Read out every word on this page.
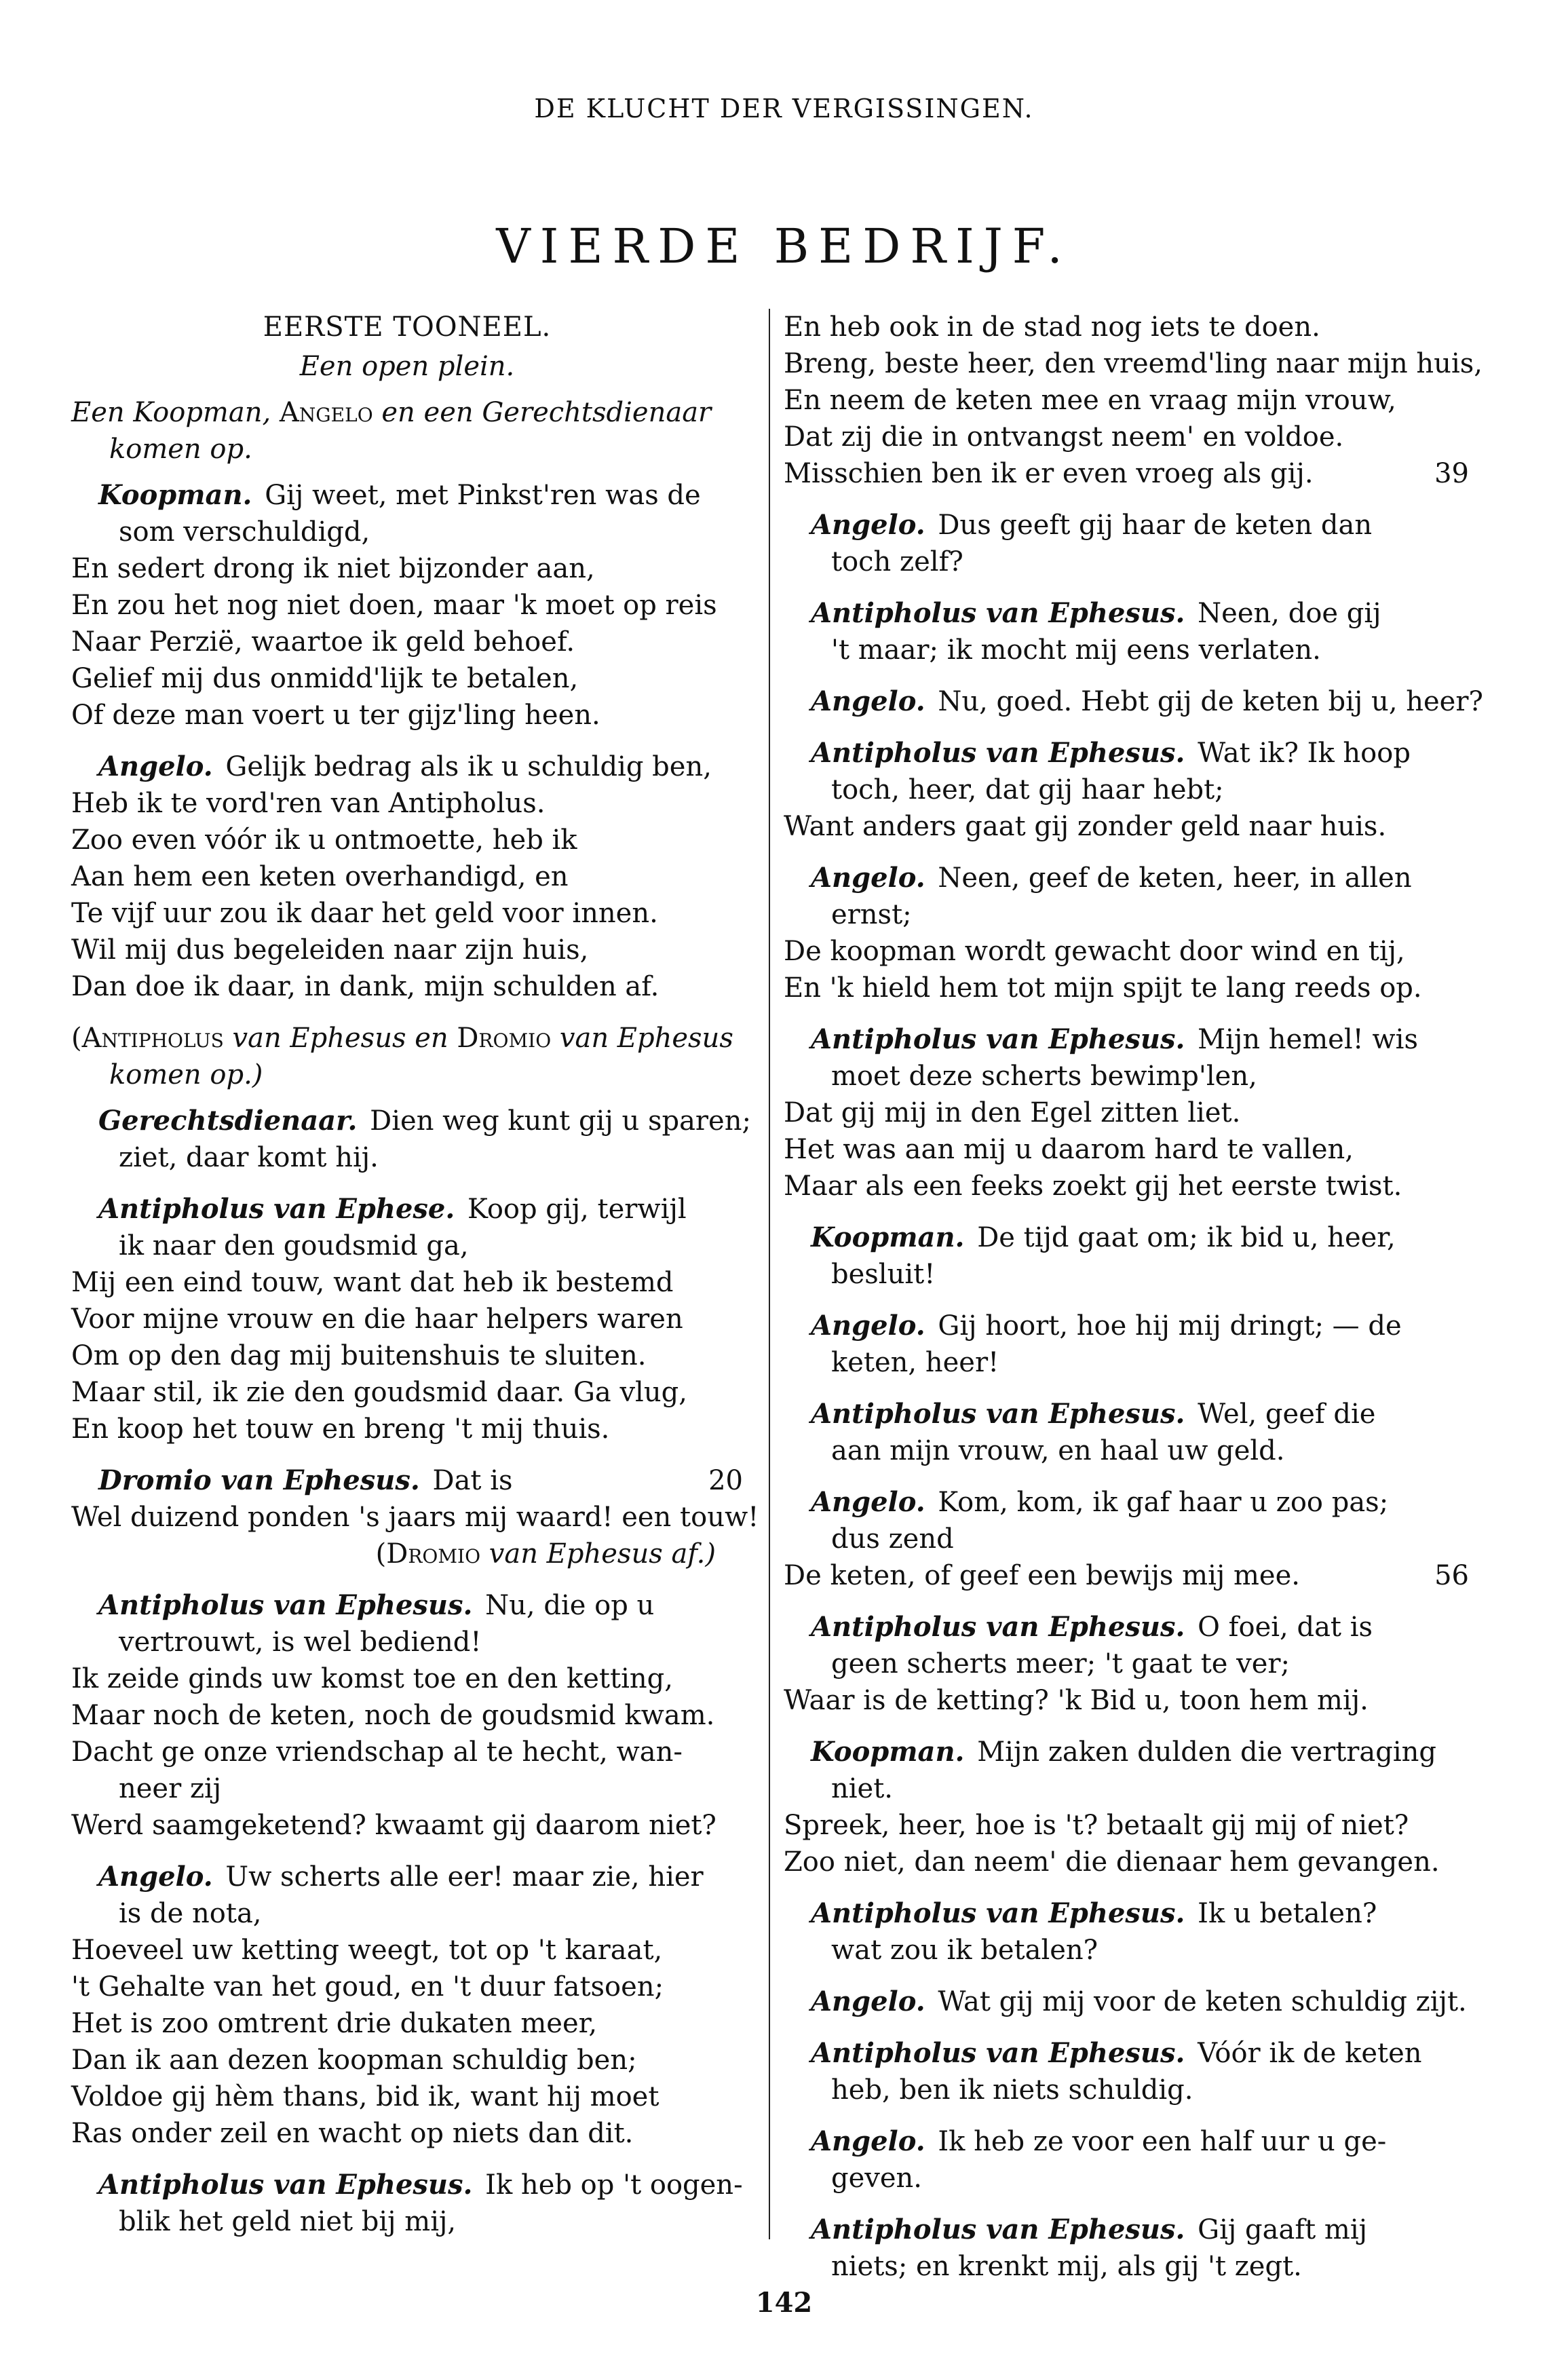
DE KLUCHT DER VERGISSINGEN.
VIERDE BEDRIJF.

EERSTE TOONEEL.

Een open plein.

Een Koopman, Angelo en een Gerechtsdienaar komen op.

Koopman. Gij weet, met Pinkst'ren was de
som verschuldigd,
En sedert drong ik niet bijzonder aan,
En zou het nog niet doen, maar 'k moet op reis
Naar Perzië, waartoe ik geld behoef.
Gelief mij dus onmidd'lijk te betalen,
Of deze man voert u ter gijz'ling heen.
Angelo. Gelijk bedrag als ik u schuldig ben,
Heb ik te vord'ren van Antipholus.
Zoo even vóór ik u ontmoette, heb ik
Aan hem een keten overhandigd, en
Te vijf uur zou ik daar het geld voor innen.
Wil mij dus begeleiden naar zijn huis,
Dan doe ik daar, in dank, mijn schulden af.

(Antipholus van Ephesus en Dromio van Ephesus komen op.)

Gerechtsdienaar. Dien weg kunt gij u sparen;
ziet, daar komt hij.
Antipholus van Ephese. Koop gij, terwijl
ik naar den goudsmid ga,
Mij een eind touw, want dat heb ik bestemd
Voor mijne vrouw en die haar helpers waren
Om op den dag mij buitenshuis te sluiten.
Maar stil, ik zie den goudsmid daar. Ga vlug,
En koop het touw en breng 't mij thuis.
Dromio van Ephesus. Dat is	20
Wel duizend ponden 's jaars mij waard! een touw!
(Dromio van Ephesus af.)
Antipholus van Ephesus. Nu, die op u
vertrouwt, is wel bediend!
Ik zeide ginds uw komst toe en den ketting,
Maar noch de keten, noch de goudsmid kwam.
Dacht ge onze vriendschap al te hecht, wan-
neer zij
Werd saamgeketend? kwaamt gij daarom niet?
Angelo. Uw scherts alle eer! maar zie, hier
is de nota,
Hoeveel uw ketting weegt, tot op 't karaat,
't Gehalte van het goud, en 't duur fatsoen;
Het is zoo omtrent drie dukaten meer,
Dan ik aan dezen koopman schuldig ben;
Voldoe gij hèm thans, bid ik, want hij moet
Ras onder zeil en wacht op niets dan dit.
Antipholus van Ephesus. Ik heb op 't oogen-
blik het geld niet bij mij,
En heb ook in de stad nog iets te doen.
Breng, beste heer, den vreemd'ling naar mijn huis,
En neem de keten mee en vraag mijn vrouw,
Dat zij die in ontvangst neem' en voldoe.
Misschien ben ik er even vroeg als gij.	39
Angelo. Dus geeft gij haar de keten dan
toch zelf?
Antipholus van Ephesus. Neen, doe gij
't maar; ik mocht mij eens verlaten.
Angelo. Nu, goed. Hebt gij de keten bij u, heer?
Antipholus van Ephesus. Wat ik? Ik hoop
toch, heer, dat gij haar hebt;
Want anders gaat gij zonder geld naar huis.
Angelo. Neen, geef de keten, heer, in allen
ernst;
De koopman wordt gewacht door wind en tij,
En 'k hield hem tot mijn spijt te lang reeds op.
Antipholus van Ephesus. Mijn hemel! wis
moet deze scherts bewimp'len,
Dat gij mij in den Egel zitten liet.
Het was aan mij u daarom hard te vallen,
Maar als een feeks zoekt gij het eerste twist.
Koopman. De tijd gaat om; ik bid u, heer,
besluit!
Angelo. Gij hoort, hoe hij mij dringt; — de
keten, heer!
Antipholus van Ephesus. Wel, geef die
aan mijn vrouw, en haal uw geld.
Angelo. Kom, kom, ik gaf haar u zoo pas;
dus zend
De keten, of geef een bewijs mij mee.	56
Antipholus van Ephesus. O foei, dat is
geen scherts meer; 't gaat te ver;
Waar is de ketting? 'k Bid u, toon hem mij.
Koopman. Mijn zaken dulden die vertraging
niet.
Spreek, heer, hoe is 't? betaalt gij mij of niet?
Zoo niet, dan neem' die dienaar hem gevangen.
Antipholus van Ephesus. Ik u betalen?
wat zou ik betalen?
Angelo. Wat gij mij voor de keten schuldig zijt.
Antipholus van Ephesus. Vóór ik de keten
heb, ben ik niets schuldig.
Angelo. Ik heb ze voor een half uur u ge-
geven.
Antipholus van Ephesus. Gij gaaft mij
niets; en krenkt mij, als gij 't zegt.
142
